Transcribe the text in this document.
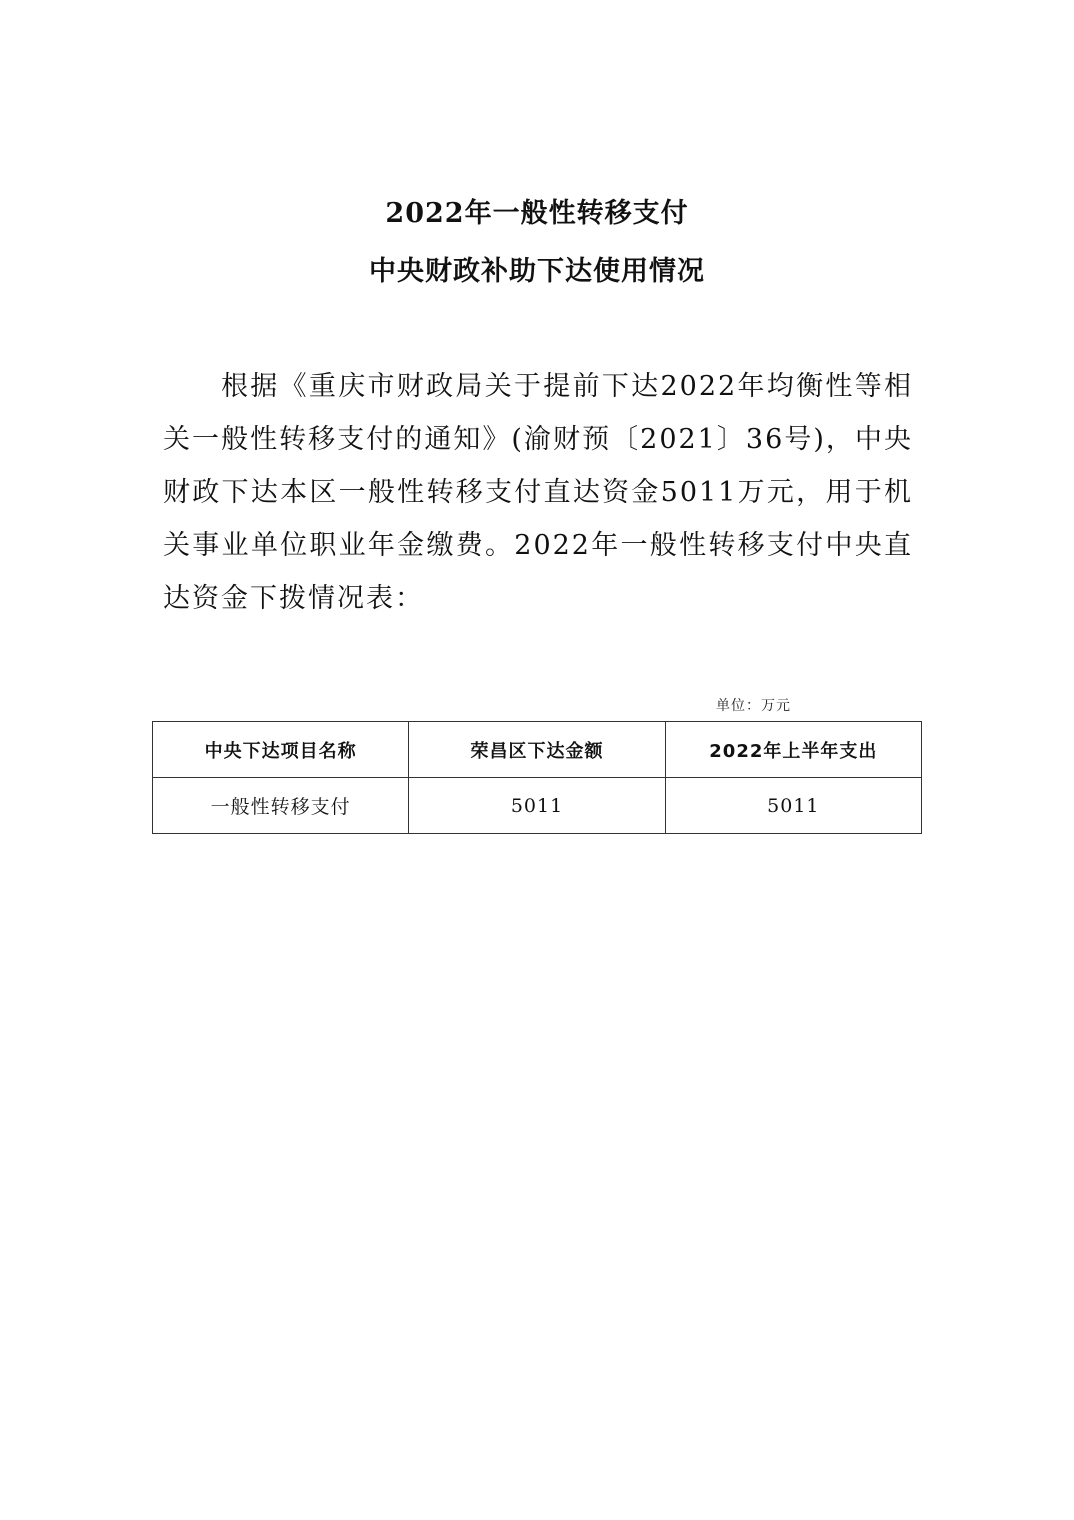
2022年一般性转移支付
中央财政补助下达使用情况

根据《重庆市财政局关于提前下达2022年均衡性等相关一般性转移支付的通知》(渝财预〔2021〕36号)，中央财政下达本区一般性转移支付直达资金5011万元，用于机关事业单位职业年金缴费。2022年一般性转移支付中央直达资金下拨情况表：

单位：万元
中央下达项目名称	荣昌区下达金额	2022年上半年支出
一般性转移支付	5011	5011
